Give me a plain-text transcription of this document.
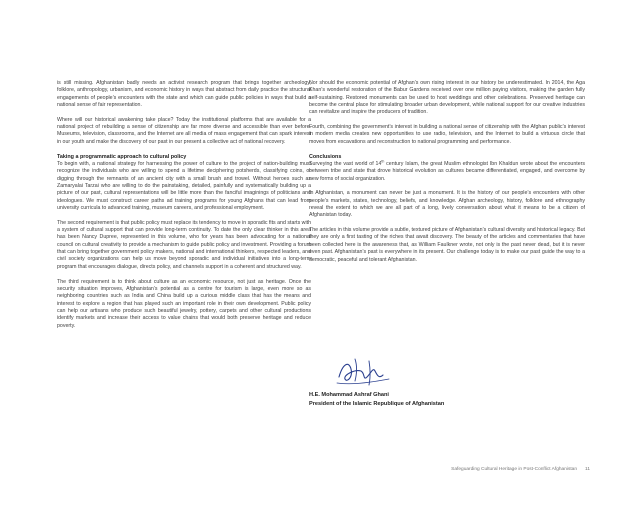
is still missing. Afghanistan badly needs an activist research program that brings together archeology, folklore, anthropology, urbanism, and economic history in ways that abstract from daily practice the structural engagements of people’s encounters with the state and which can guide public policies in ways that build a national sense of fair representation.

Where will our historical awakening take place? Today the institutional platforms that are available for a national project of rebuilding a sense of citizenship are far more diverse and accessible than ever before. Museums, television, classrooms, and the Internet are all media of mass engagement that can spark interest in our youth and make the discovery of our past in our present a collective act of national recovery.

Taking a programmatic approach to cultural policy

To begin with, a national strategy for harnessing the power of culture to the project of nation-building must recognize the individuals who are willing to spend a lifetime deciphering potsherds, classifying coins, or digging through the remnants of an ancient city with a small brush and trowel. Without heroes such as Zamaryalai Tarzai who are willing to do the painstaking, detailed, painfully and systematically building up a picture of our past, cultural representations will be little more than the fanciful imaginings of politicians and ideologues. We must construct career paths ad training programs for young Afghans that can lead from university curricula to advanced training, museum careers, and professional employment.

The second requirement is that public policy must replace its tendency to move in sporadic fits and starts with a system of cultural support that can provide long-term continuity. To date the only clear thinker in this area has been Nancy Dupree, represented in this volume, who for years has been advocating for a national council on cultural creativity to provide a mechanism to guide public policy and investment. Providing a forum that can bring together government policy makers, national and international thinkers, respected leaders, and civil society organizations can help us move beyond sporadic and individual initiatives into a long-term program that encourages dialogue, directs policy, and channels support in a coherent and structured way.

The third requirement is to think about culture as an economic resource, not just as heritage. Once the security situation improves, Afghanistan’s potential as a centre for tourism is large, even more so as neighboring countries such as India and China build up a curious middle class that has the means and interest to explore a region that has played such an important role in their own development. Public policy can help our artisans who produce such beautiful jewelry, pottery, carpets and other cultural productions identify markets and increase their access to value chains that would both preserve heritage and reduce poverty.

Nor should the economic potential of Afghan’s own rising interest in our history be underestimated. In 2014, the Aga Khan’s wonderful restoration of the Babur Gardens received over one million paying visitors, making the garden fully self-sustaining. Restored monuments can be used to host weddings and other celebrations. Preserved heritage can become the central place for stimulating broader urban development, while national support for our creative industries can revitalize and inspire the producers of tradition.

Fourth, combining the government’s interest in building a national sense of citizenship with the Afghan public’s interest in modern media creates new opportunities to use radio, television, and the Internet to build a virtuous circle that moves from excavations and reconstruction to national programming and performance.

Conclusions

Surveying the vast world of 14th century Islam, the great Muslim ethnologist Ibn Khaldun wrote about the encounters between tribe and state that drove historical evolution as cultures became differentiated, engaged, and overcome by new forms of social organization.

In Afghanistan, a monument can never be just a monument. It is the history of our people’s encounters with other people’s markets, states, technology, beliefs, and knowledge. Afghan archeology, history, folklore and ethnography reveal the extent to which we are all part of a long, lively conversation about what it means to be a citizen of Afghanistan today.

The articles in this volume provide a subtle, textured picture of Afghanistan’s cultural diversity and historical legacy. But they are only a first tasting of the riches that await discovery. The beauty of the articles and commentaries that have been collected here is the awareness that, as William Faulkner wrote, not only is the past never dead, but it is never even past. Afghanistan’s past is everywhere in its present. Our challenge today is to make our past guide the way to a democratic, peaceful and tolerant Afghanistan.

H.E. Mohammad Ashraf Ghani

President of the Islamic Republique of Afghanistan

Safeguarding Cultural Heritage in Post-Conflict Afghanistan 11
